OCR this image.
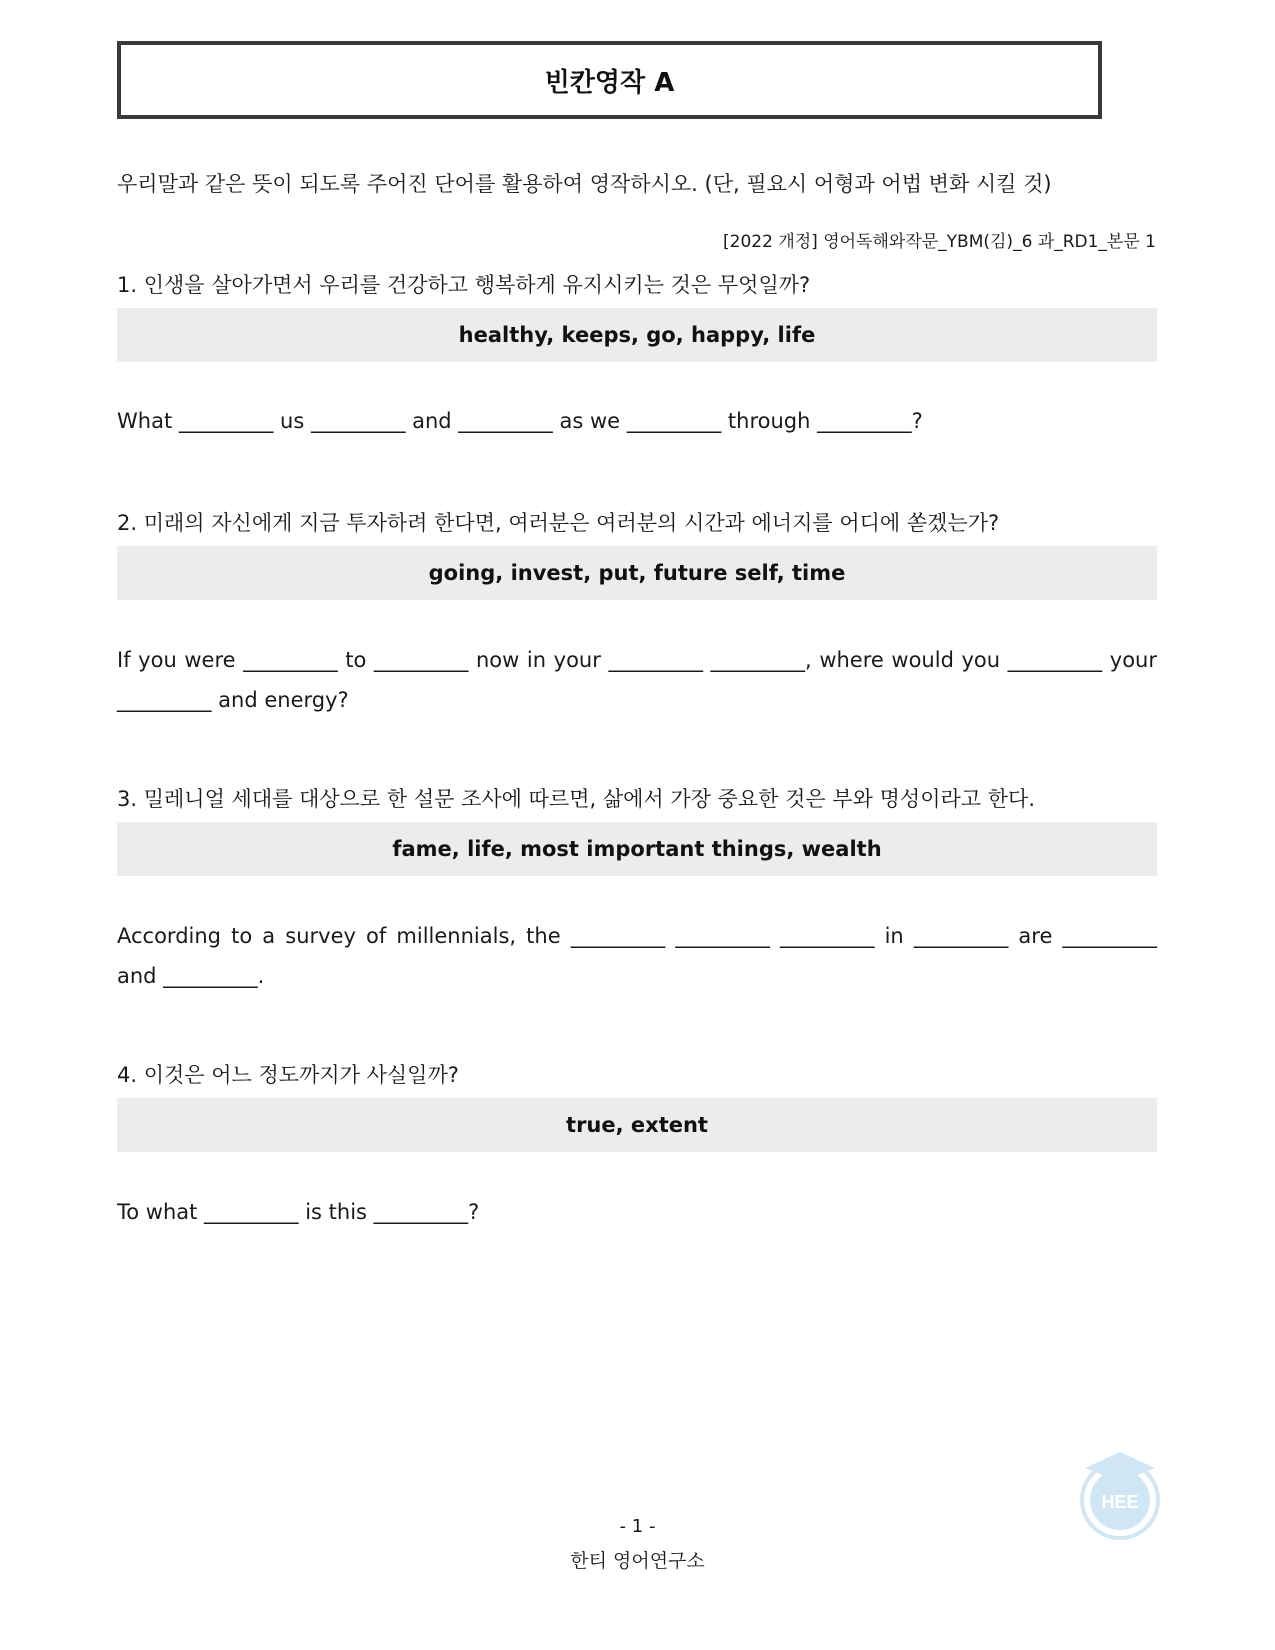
빈칸영작 A
우리말과 같은 뜻이 되도록 주어진 단어를 활용하여 영작하시오. (단, 필요시 어형과 어법 변화 시킬 것)
[2022 개정] 영어독해와작문_YBM(김)_6 과_RD1_본문 1
1. 인생을 살아가면서 우리를 건강하고 행복하게 유지시키는 것은 무엇일까?
healthy, keeps, go, happy, life
What _________ us _________ and _________ as we _________ through _________?
2. 미래의 자신에게 지금 투자하려 한다면, 여러분은 여러분의 시간과 에너지를 어디에 쏟겠는가?
going, invest, put, future self, time
If you were _________ to _________ now in your _________ _________, where would you _________ your _________ and energy?
3. 밀레니얼 세대를 대상으로 한 설문 조사에 따르면, 삶에서 가장 중요한 것은 부와 명성이라고 한다.
fame, life, most important things, wealth
According to a survey of millennials, the _________ _________ _________ in _________ are _________ and _________.
4. 이것은 어느 정도까지가 사실일까?
true, extent
To what _________ is this _________?
HEE
- 1 -
한티 영어연구소
